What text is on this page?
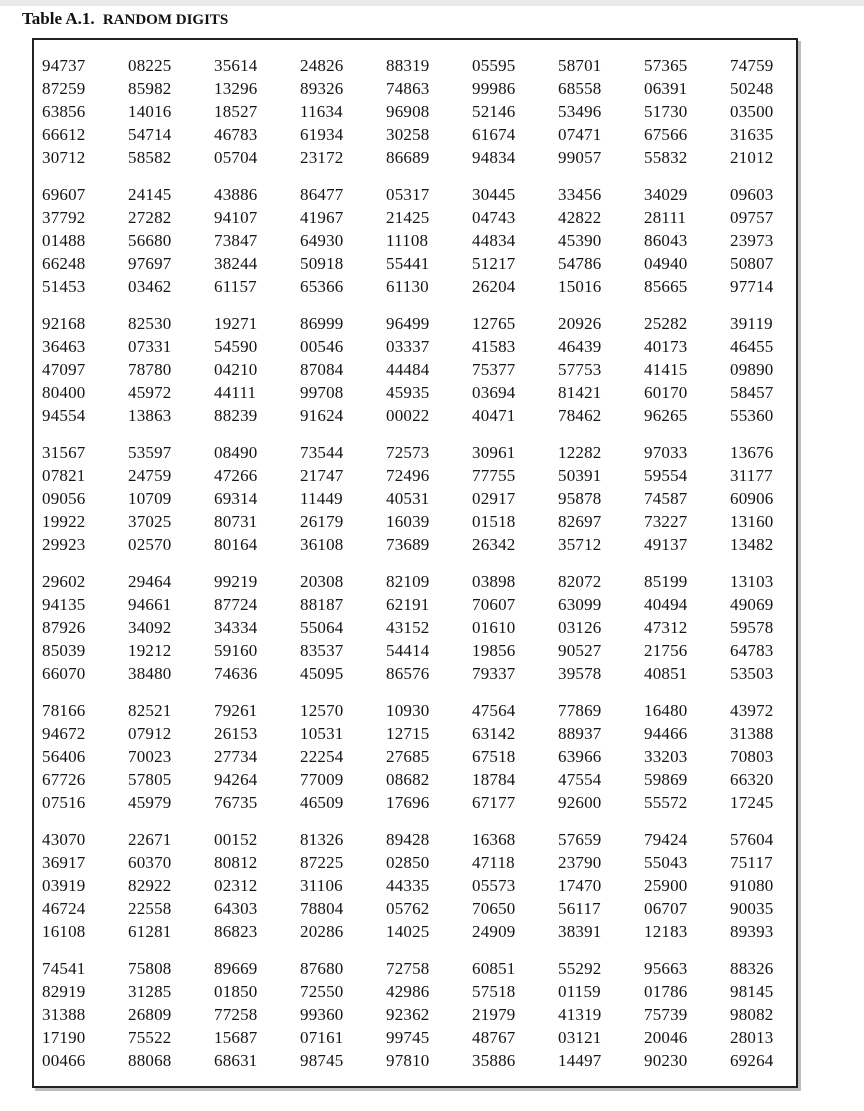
Table A.1. RANDOM DIGITS
94737	08225	35614	24826	88319	05595	58701	57365	74759
87259	85982	13296	89326	74863	99986	68558	06391	50248
63856	14016	18527	11634	96908	52146	53496	51730	03500
66612	54714	46783	61934	30258	61674	07471	67566	31635
30712	58582	05704	23172	86689	94834	99057	55832	21012
69607	24145	43886	86477	05317	30445	33456	34029	09603
37792	27282	94107	41967	21425	04743	42822	28111	09757
01488	56680	73847	64930	11108	44834	45390	86043	23973
66248	97697	38244	50918	55441	51217	54786	04940	50807
51453	03462	61157	65366	61130	26204	15016	85665	97714
92168	82530	19271	86999	96499	12765	20926	25282	39119
36463	07331	54590	00546	03337	41583	46439	40173	46455
47097	78780	04210	87084	44484	75377	57753	41415	09890
80400	45972	44111	99708	45935	03694	81421	60170	58457
94554	13863	88239	91624	00022	40471	78462	96265	55360
31567	53597	08490	73544	72573	30961	12282	97033	13676
07821	24759	47266	21747	72496	77755	50391	59554	31177
09056	10709	69314	11449	40531	02917	95878	74587	60906
19922	37025	80731	26179	16039	01518	82697	73227	13160
29923	02570	80164	36108	73689	26342	35712	49137	13482
29602	29464	99219	20308	82109	03898	82072	85199	13103
94135	94661	87724	88187	62191	70607	63099	40494	49069
87926	34092	34334	55064	43152	01610	03126	47312	59578
85039	19212	59160	83537	54414	19856	90527	21756	64783
66070	38480	74636	45095	86576	79337	39578	40851	53503
78166	82521	79261	12570	10930	47564	77869	16480	43972
94672	07912	26153	10531	12715	63142	88937	94466	31388
56406	70023	27734	22254	27685	67518	63966	33203	70803
67726	57805	94264	77009	08682	18784	47554	59869	66320
07516	45979	76735	46509	17696	67177	92600	55572	17245
43070	22671	00152	81326	89428	16368	57659	79424	57604
36917	60370	80812	87225	02850	47118	23790	55043	75117
03919	82922	02312	31106	44335	05573	17470	25900	91080
46724	22558	64303	78804	05762	70650	56117	06707	90035
16108	61281	86823	20286	14025	24909	38391	12183	89393
74541	75808	89669	87680	72758	60851	55292	95663	88326
82919	31285	01850	72550	42986	57518	01159	01786	98145
31388	26809	77258	99360	92362	21979	41319	75739	98082
17190	75522	15687	07161	99745	48767	03121	20046	28013
00466	88068	68631	98745	97810	35886	14497	90230	69264
